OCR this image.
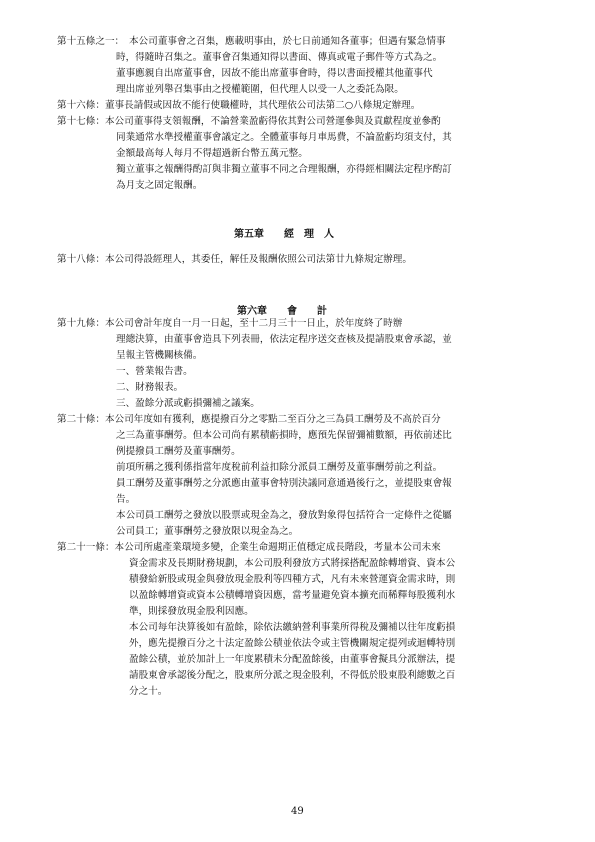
第十五條之一：　本公司董事會之召集，應載明事由，於七日前通知各董事；但遇有緊急情事
時，得隨時召集之。董事會召集通知得以書面、傳真或電子郵件等方式為之。
董事應親自出席董事會，因故不能出席董事會時，得以書面授權其他董事代
理出席並列舉召集事由之授權範圍，但代理人以受一人之委託為限。
第十六條：董事長請假或因故不能行使職權時，其代理依公司法第二○八條規定辦理。
第十七條：本公司董事得支領報酬，不論營業盈虧得依其對公司營運參與及貢獻程度並參酌
同業通常水準授權董事會議定之。全體董事每月車馬費，不論盈虧均須支付，其
金額最高每人每月不得超過新台幣五萬元整。
獨立董事之報酬得酌訂與非獨立董事不同之合理報酬，亦得經相關法定程序酌訂
為月支之固定報酬。
第五章　　經　理　人
第十八條：本公司得設經理人，其委任，解任及報酬依照公司法第廿九條規定辦理。
第六章　　會　　計
第十九條：本公司會計年度自一月一日起，至十二月三十一日止，於年度終了時辦
理總決算，由董事會造具下列表冊，依法定程序送交查核及提請股東會承認，並
呈報主管機關核備。
一、營業報告書。
二、財務報表。
三、盈餘分派或虧損彌補之議案。
第二十條：本公司年度如有獲利，應提撥百分之零點二至百分之三為員工酬勞及不高於百分
之三為董事酬勞。但本公司尚有累積虧損時，應預先保留彌補數額，再依前述比
例提撥員工酬勞及董事酬勞。
前項所稱之獲利係指當年度稅前利益扣除分派員工酬勞及董事酬勞前之利益。
員工酬勞及董事酬勞之分派應由董事會特別決議同意通過後行之，並提股東會報
告。
本公司員工酬勞之發放以股票或現金為之，發放對象得包括符合一定條件之從屬
公司員工；董事酬勞之發放限以現金為之。
第二十一條：本公司所處產業環境多變，企業生命週期正值穩定成長階段，考量本公司未來
資金需求及長期財務規劃，本公司股利發放方式將採搭配盈餘轉增資、資本公
積發給新股或現金與發放現金股利等四種方式，凡有未來營運資金需求時，則
以盈餘轉增資或資本公積轉增資因應，當考量避免資本擴充而稀釋每股獲利水
準，則採發放現金股利因應。
本公司每年決算後如有盈餘，除依法繳納營利事業所得稅及彌補以往年度虧損
外，應先提撥百分之十法定盈餘公積並依法令或主管機關規定提列或迴轉特別
盈餘公積，並於加計上一年度累積未分配盈餘後，由董事會擬具分派辦法，提
請股東會承認後分配之，股東所分派之現金股利，不得低於股東股利總數之百
分之十。
49
